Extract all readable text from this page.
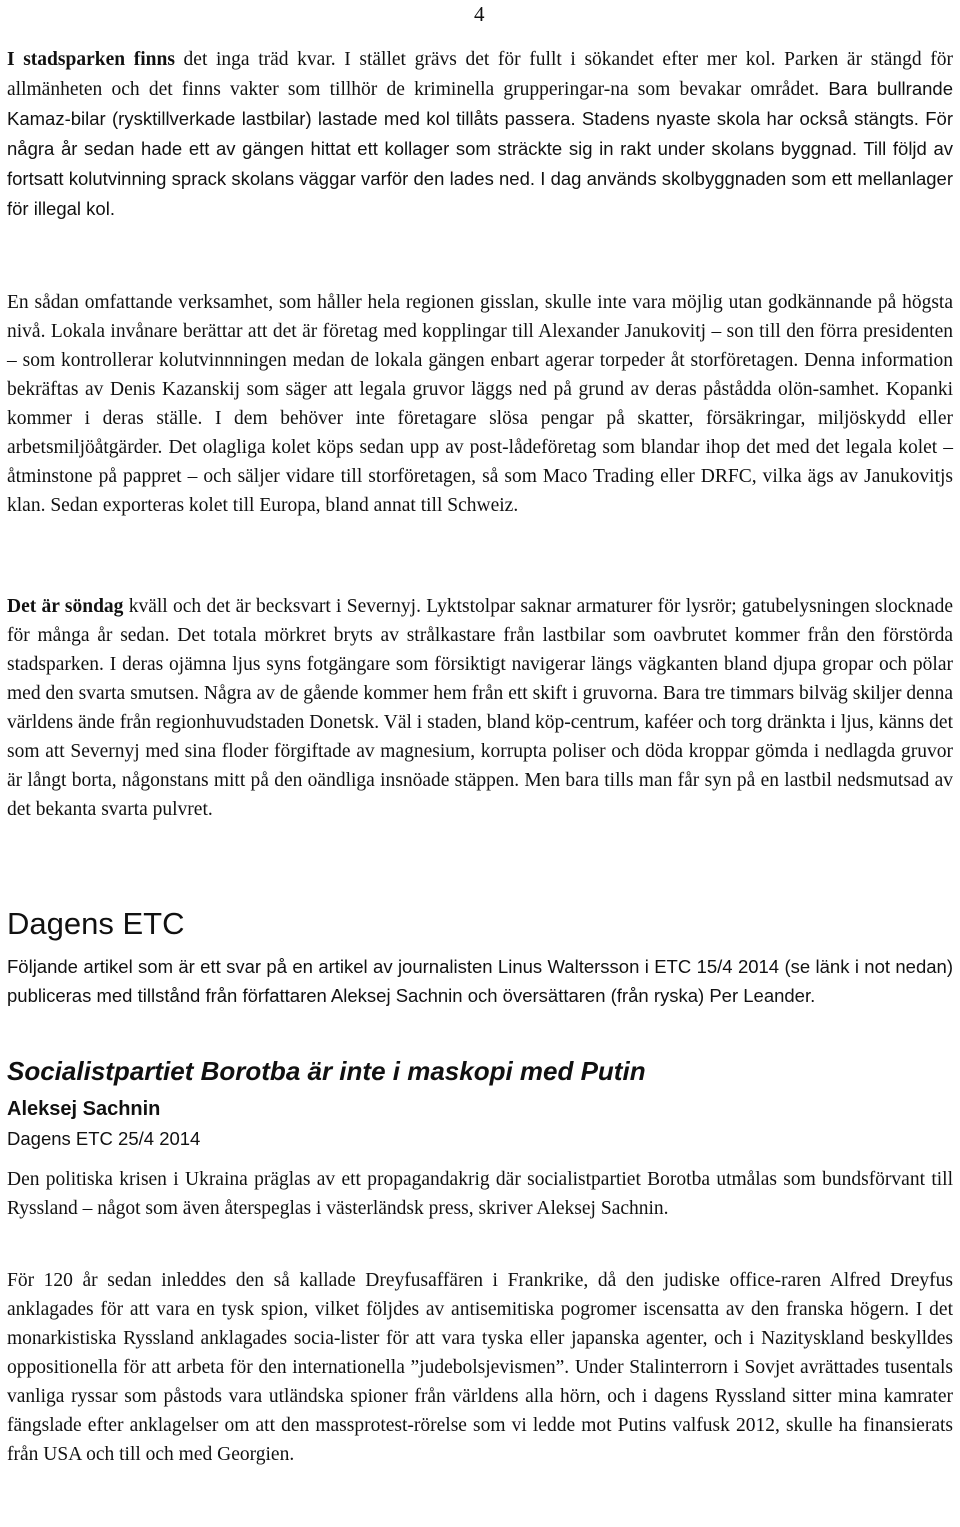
4

I stadsparken finns det inga träd kvar. I stället grävs det för fullt i sökandet efter mer kol. Parken är stängd för allmänheten och det finns vakter som tillhör de kriminella grupperingar-na som bevakar området. Bara bullrande Kamaz-bilar (rysktillverkade lastbilar) lastade med kol tillåts passera. Stadens nyaste skola har också stängts. För några år sedan hade ett av gängen hittat ett kollager som sträckte sig in rakt under skolans byggnad. Till följd av fortsatt kolutvinning sprack skolans väggar varför den lades ned. I dag används skolbyggnaden som ett mellanlager för illegal kol.

En sådan omfattande verksamhet, som håller hela regionen gisslan, skulle inte vara möjlig utan godkännande på högsta nivå. Lokala invånare berättar att det är företag med kopplingar till Alexander Janukovitj – son till den förra presidenten – som kontrollerar kolutvinnningen medan de lokala gängen enbart agerar torpeder åt storföretagen. Denna information bekräftas av Denis Kazanskij som säger att legala gruvor läggs ned på grund av deras påstådda olön-samhet. Kopanki kommer i deras ställe. I dem behöver inte företagare slösa pengar på skatter, försäkringar, miljöskydd eller arbetsmiljöåtgärder. Det olagliga kolet köps sedan upp av post-lådeföretag som blandar ihop det med det legala kolet – åtminstone på pappret – och säljer vidare till storföretagen, så som Maco Trading eller DRFC, vilka ägs av Janukovitjs klan. Sedan exporteras kolet till Europa, bland annat till Schweiz.

Det är söndag kväll och det är becksvart i Severnyj. Lyktstolpar saknar armaturer för lysrör; gatubelysningen slocknade för många år sedan. Det totala mörkret bryts av strålkastare från lastbilar som oavbrutet kommer från den förstörda stadsparken. I deras ojämna ljus syns fotgängare som försiktigt navigerar längs vägkanten bland djupa gropar och pölar med den svarta smutsen. Några av de gående kommer hem från ett skift i gruvorna. Bara tre timmars bilväg skiljer denna världens ände från regionhuvudstaden Donetsk. Väl i staden, bland köp-centrum, kaféer och torg dränkta i ljus, känns det som att Severnyj med sina floder förgiftade av magnesium, korrupta poliser och döda kroppar gömda i nedlagda gruvor är långt borta, någonstans mitt på den oändliga insnöade stäppen. Men bara tills man får syn på en lastbil nedsmutsad av det bekanta svarta pulvret.

Dagens ETC

Följande artikel som är ett svar på en artikel av journalisten Linus Waltersson i ETC 15/4 2014 (se länk i not nedan) publiceras med tillstånd från författaren Aleksej Sachnin och översättaren (från ryska) Per Leander.

Socialistpartiet Borotba är inte i maskopi med Putin
Aleksej Sachnin
Dagens ETC 25/4 2014

Den politiska krisen i Ukraina präglas av ett propagandakrig där socialistpartiet Borotba utmålas som bundsförvant till Ryssland – något som även återspeglas i västerländsk press, skriver Aleksej Sachnin.

För 120 år sedan inleddes den så kallade Dreyfusaffären i Frankrike, då den judiske office-raren Alfred Dreyfus anklagades för att vara en tysk spion, vilket följdes av antisemitiska pogromer iscensatta av den franska högern. I det monarkistiska Ryssland anklagades socia-lister för att vara tyska eller japanska agenter, och i Nazityskland beskylldes oppositionella för att arbeta för den internationella ”judebolsjevismen”. Under Stalinterrorn i Sovjet avrättades tusentals vanliga ryssar som påstods vara utländska spioner från världens alla hörn, och i dagens Ryssland sitter mina kamrater fängslade efter anklagelser om att den massprotest-rörelse som vi ledde mot Putins valfusk 2012, skulle ha finansierats från USA och till och med Georgien.
